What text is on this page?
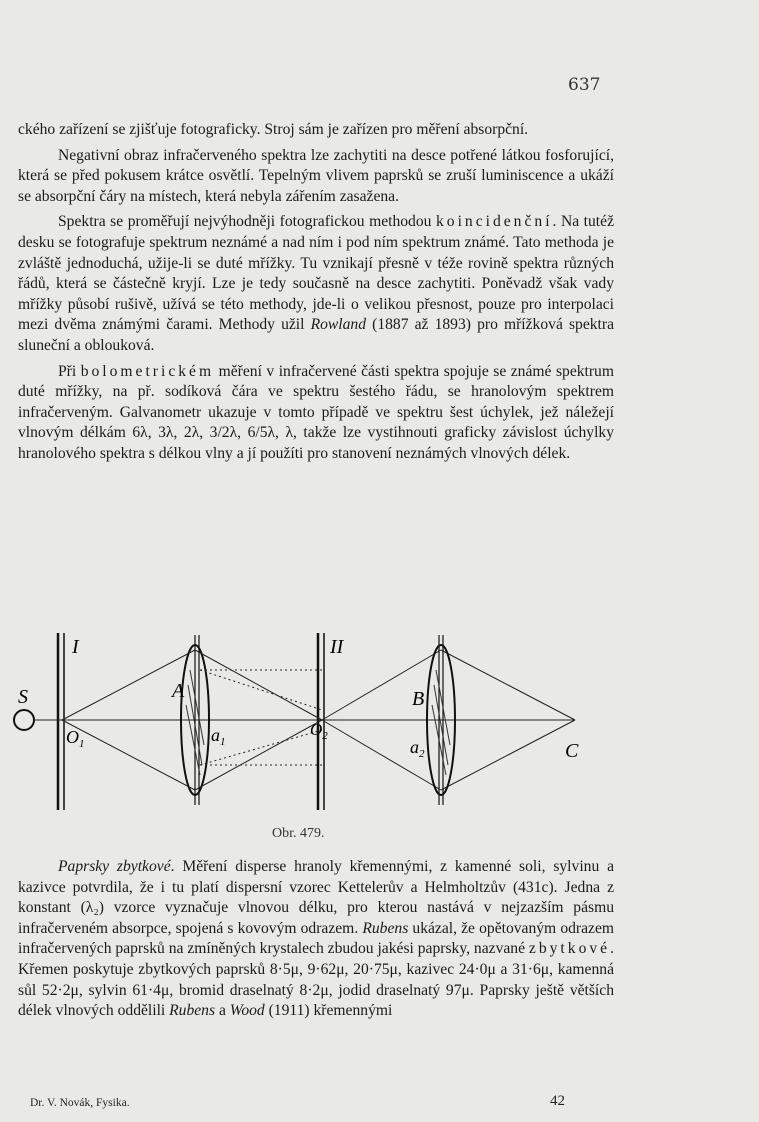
637

ckého zařízení se zjišťuje fotograficky. Stroj sám je zařízen pro měření absorpční.

Negativní obraz infračerveného spektra lze zachytiti na desce potřené látkou fosforující, která se před pokusem krátce osvětlí. Tepelným vlivem paprsků se zruší luminiscence a ukáží se absorpční čáry na místech, která nebyla zářením zasažena.

Spektra se proměřují nejvýhodněji fotografickou methodou koincidenční. Na tutéž desku se fotografuje spektrum neznámé a nad ním i pod ním spektrum známé. Tato methoda je zvláště jednoduchá, užije-li se duté mřížky. Tu vznikají přesně v téže rovině spektra různých řádů, která se částečně kryjí. Lze je tedy současně na desce zachytiti. Poněvadž však vady mřížky působí rušivě, užívá se této methody, jde-li o velikou přesnost, pouze pro interpolaci mezi dvěma známými čarami. Methody užil Rowland (1887 až 1893) pro mřížková spektra sluneční a oblouková.

Při bolometrickém měření v infračervené části spektra spojuje se známé spektrum duté mřížky, na př. sodíková čára ve spektru šestého řádu, se hranolovým spektrem infračerveným. Galvanometr ukazuje v tomto případě ve spektru šest úchylek, jež náležejí vlnovým délkám 6λ, 3λ, 2λ, 3/2λ, 6/5λ, λ, takže lze vystihnouti graficky závislost úchylky hranolového spektra s délkou vlny a jí použíti pro stanovení neznámých vlnových délek.

I	II
S	A
$a_1$
$O_1$
$O_2$
B
$a_2$	C
Obr. 479.

Paprsky zbytkové. Měření disperse hranoly křemennými, z kamenné soli, sylvinu a kazivce potvrdila, že i tu platí dispersní vzorec Kettelerův a Helmholtzův (431c). Jedna z konstant (λ₂) vzorce vyznačuje vlnovou délku, pro kterou nastává v nejzazším pásmu infračerveném absorpce, spojená s kovovým odrazem. Rubens ukázal, že opětovaným odrazem infračervených paprsků na zmíněných krystalech zbudou jakési paprsky, nazvané zbytkové. Křemen poskytuje zbytkových paprsků 8·5μ, 9·62μ, 20·75μ, kazivec 24·0μ a 31·6μ, kamenná sůl 52·2μ, sylvin 61·4μ, bromid draselnatý 8·2μ, jodid draselnatý 97μ. Paprsky ještě větších délek vlnových oddělili Rubens a Wood (1911) křemennými

Dr. V. Novák, Fysika.	42
